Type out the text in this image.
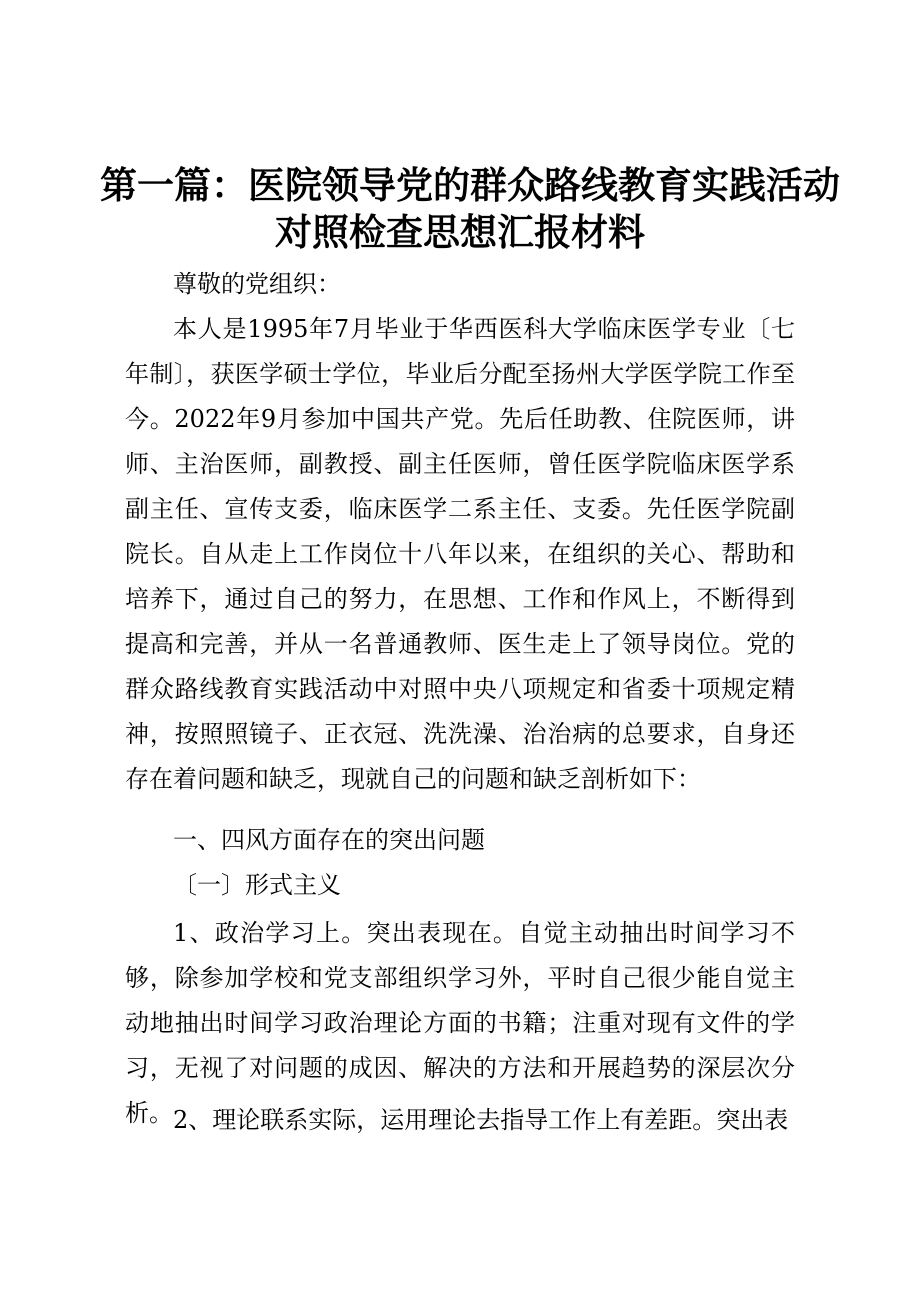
第一篇：医院领导党的群众路线教育实践活动
对照检查思想汇报材料

尊敬的党组织：

本人是1995年7月毕业于华西医科大学临床医学专业〔七年制〕，获医学硕士学位，毕业后分配至扬州大学医学院工作至今。2022年9月参加中国共产党。先后任助教、住院医师，讲师、主治医师，副教授、副主任医师，曾任医学院临床医学系副主任、宣传支委，临床医学二系主任、支委。先任医学院副院长。自从走上工作岗位十八年以来，在组织的关心、帮助和培养下，通过自己的努力，在思想、工作和作风上，不断得到提高和完善，并从一名普通教师、医生走上了领导岗位。党的群众路线教育实践活动中对照中央八项规定和省委十项规定精神，按照照镜子、正衣冠、洗洗澡、治治病的总要求，自身还存在着问题和缺乏，现就自己的问题和缺乏剖析如下：

一、四风方面存在的突出问题

〔一〕形式主义

1、政治学习上。突出表现在。自觉主动抽出时间学习不够，除参加学校和党支部组织学习外，平时自己很少能自觉主动地抽出时间学习政治理论方面的书籍；注重对现有文件的学习，无视了对问题的成因、解决的方法和开展趋势的深层次分析。 2、理论联系实际，运用理论去指导工作上有差距。突出表
